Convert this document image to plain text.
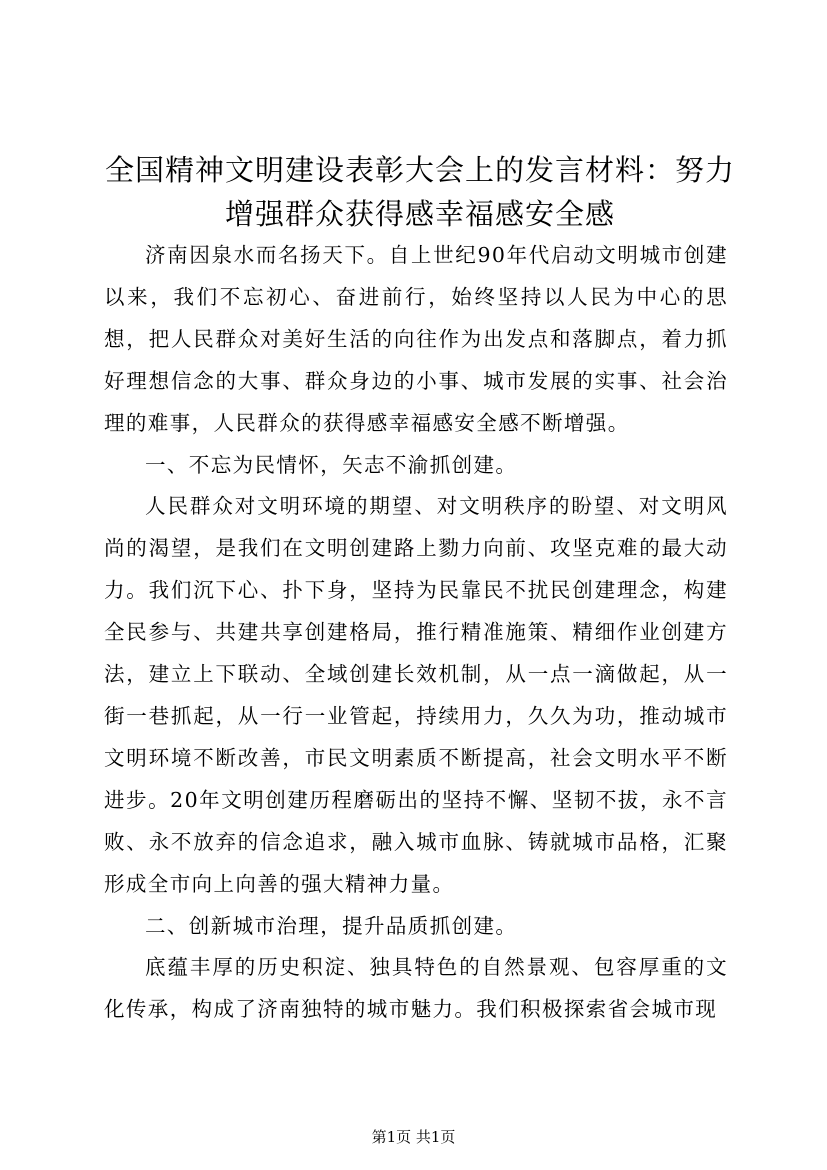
全国精神文明建设表彰大会上的发言材料：努力增强群众获得感幸福感安全感

济南因泉水而名扬天下。自上世纪90年代启动文明城市创建以来，我们不忘初心、奋进前行，始终坚持以人民为中心的思想，把人民群众对美好生活的向往作为出发点和落脚点，着力抓好理想信念的大事、群众身边的小事、城市发展的实事、社会治理的难事，人民群众的获得感幸福感安全感不断增强。

一、不忘为民情怀，矢志不渝抓创建。

人民群众对文明环境的期望、对文明秩序的盼望、对文明风尚的渴望，是我们在文明创建路上勠力向前、攻坚克难的最大动力。我们沉下心、扑下身，坚持为民靠民不扰民创建理念，构建全民参与、共建共享创建格局，推行精准施策、精细作业创建方法，建立上下联动、全域创建长效机制，从一点一滴做起，从一街一巷抓起，从一行一业管起，持续用力，久久为功，推动城市文明环境不断改善，市民文明素质不断提高，社会文明水平不断进步。20年文明创建历程磨砺出的坚持不懈、坚韧不拔，永不言败、永不放弃的信念追求，融入城市血脉、铸就城市品格，汇聚形成全市向上向善的强大精神力量。

二、创新城市治理，提升品质抓创建。

底蕴丰厚的历史积淀、独具特色的自然景观、包容厚重的文化传承，构成了济南独特的城市魅力。我们积极探索省会城市现

第1页 共1页
